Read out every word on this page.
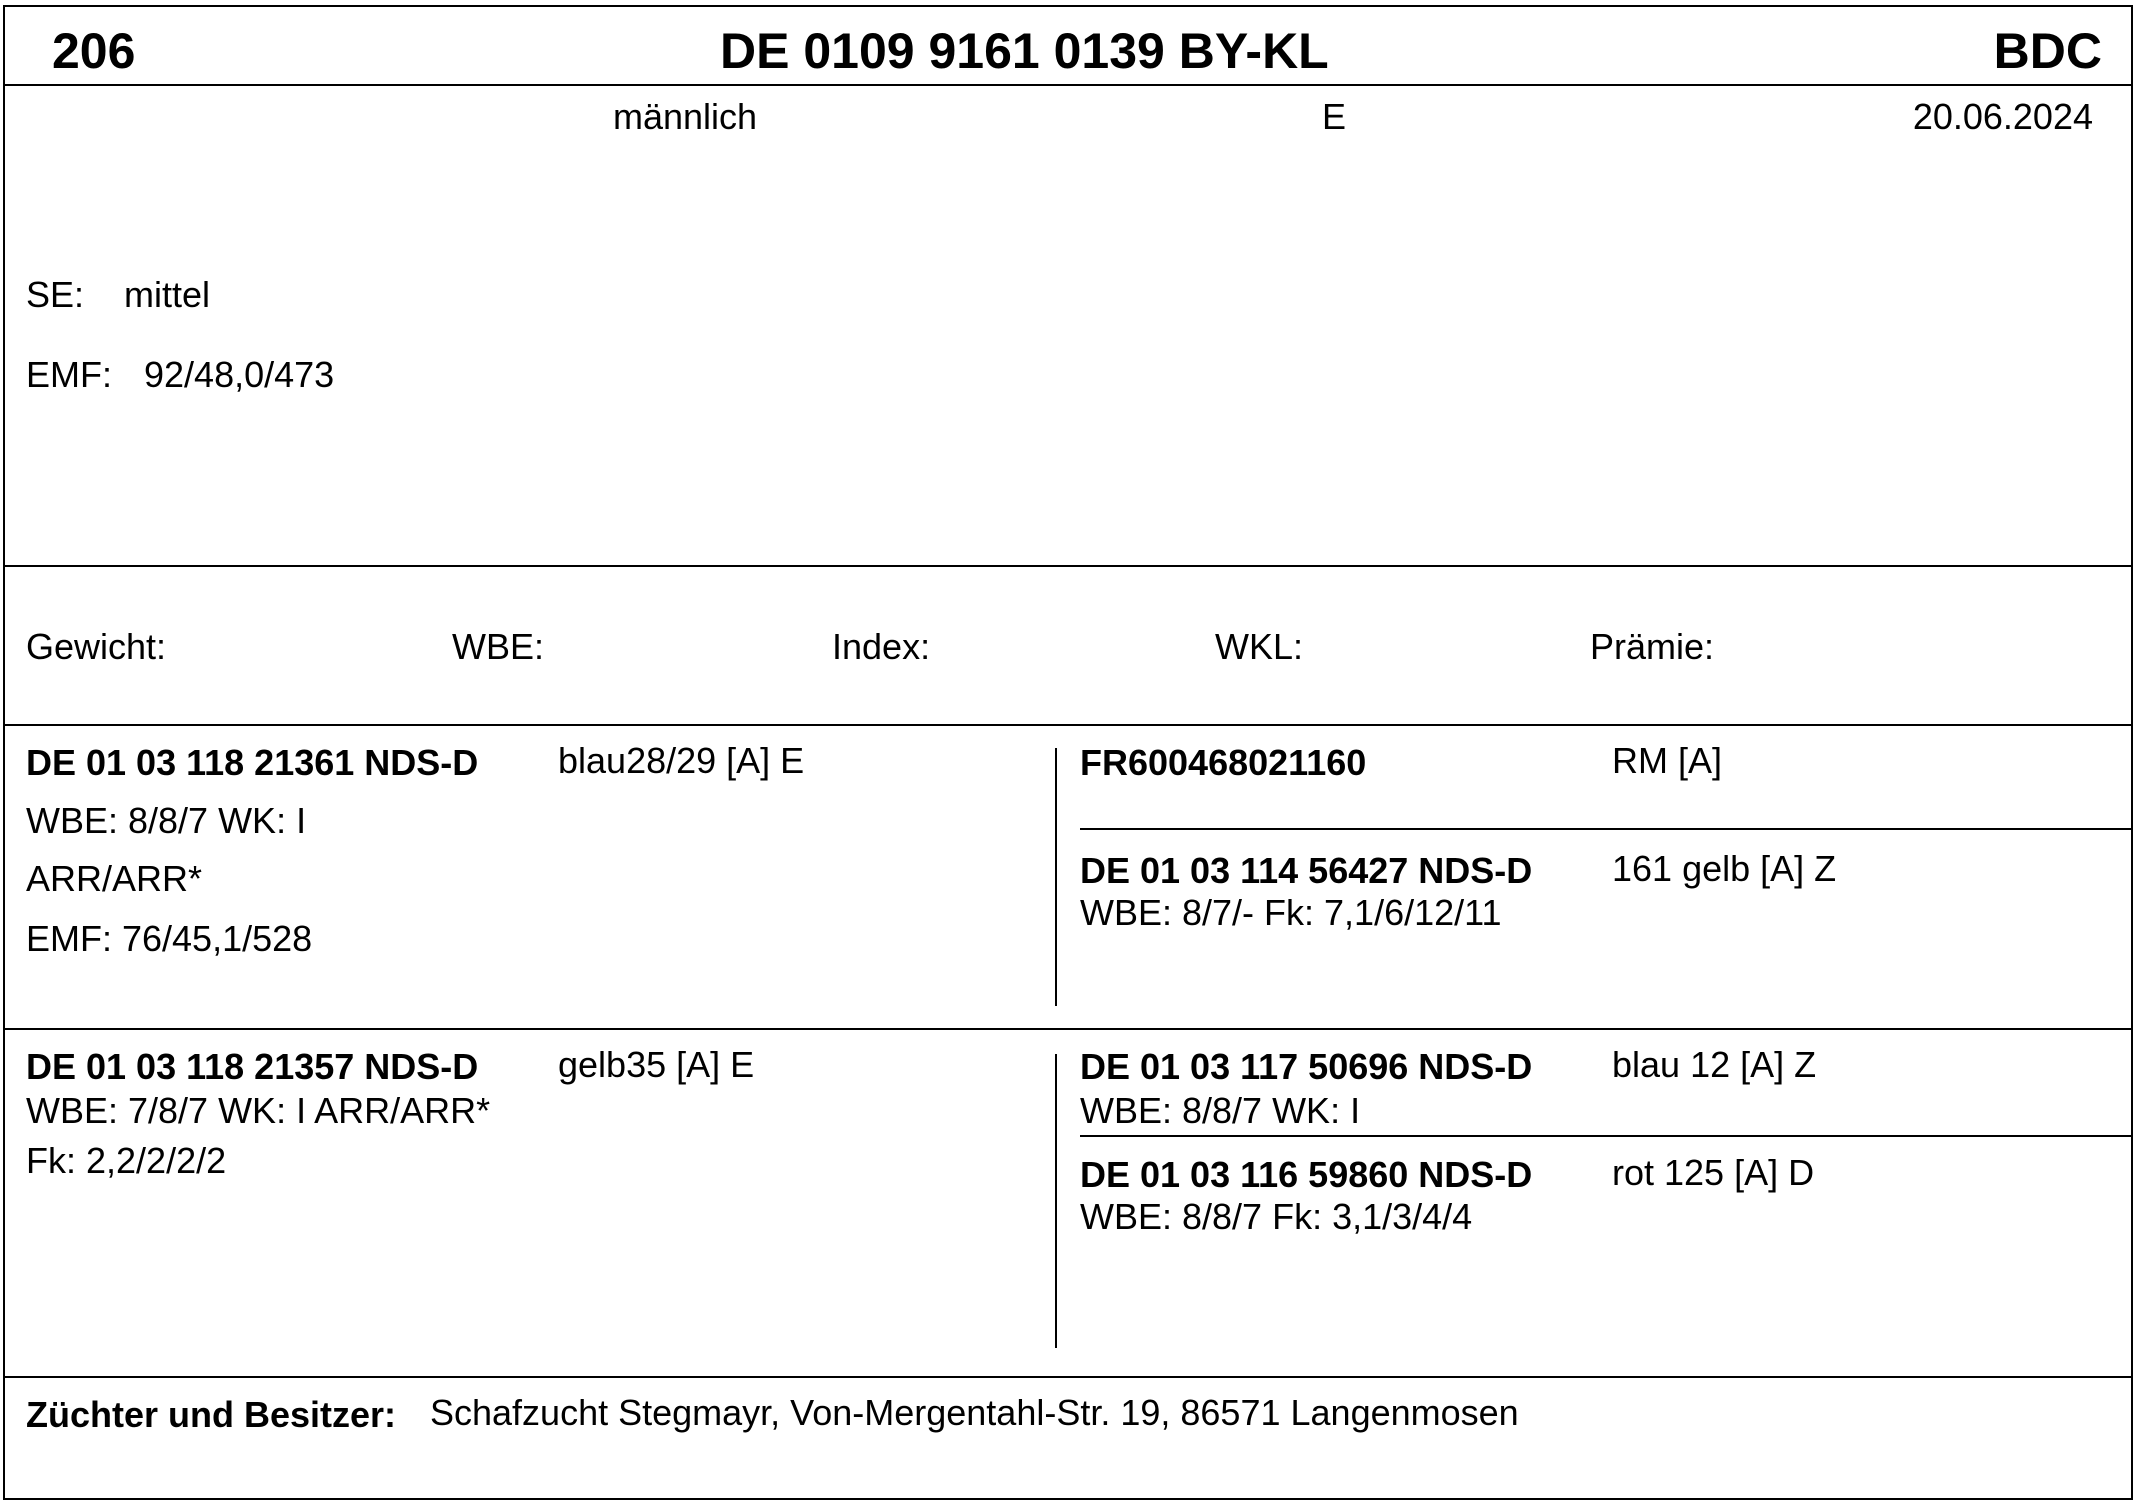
206	DE 0109 9161 0139 BY-KL	BDC
männlich	E	20.06.2024
SE: mittel
EMF: 92/48,0/473
Gewicht:	WBE:	Index:	WKL:	Prämie:
DE 01 03 118 21361 NDS-D blau28/29 [A] E
WBE: 8/8/7 WK: I
ARR/ARR*
EMF: 76/45,1/528
FR600468021160	RM [A]
DE 01 03 114 56427 NDS-D 161 gelb [A] Z
WBE: 8/7/- Fk: 7,1/6/12/11
DE 01 03 118 21357 NDS-D gelb35 [A] E
WBE: 7/8/7 WK: I ARR/ARR*
Fk: 2,2/2/2/2
DE 01 03 117 50696 NDS-D blau 12 [A] Z
WBE: 8/8/7 WK: I
DE 01 03 116 59860 NDS-D rot 125 [A] D
WBE: 8/8/7 Fk: 3,1/3/4/4
Züchter und Besitzer: Schafzucht Stegmayr, Von-Mergentahl-Str. 19, 86571 Langenmosen
